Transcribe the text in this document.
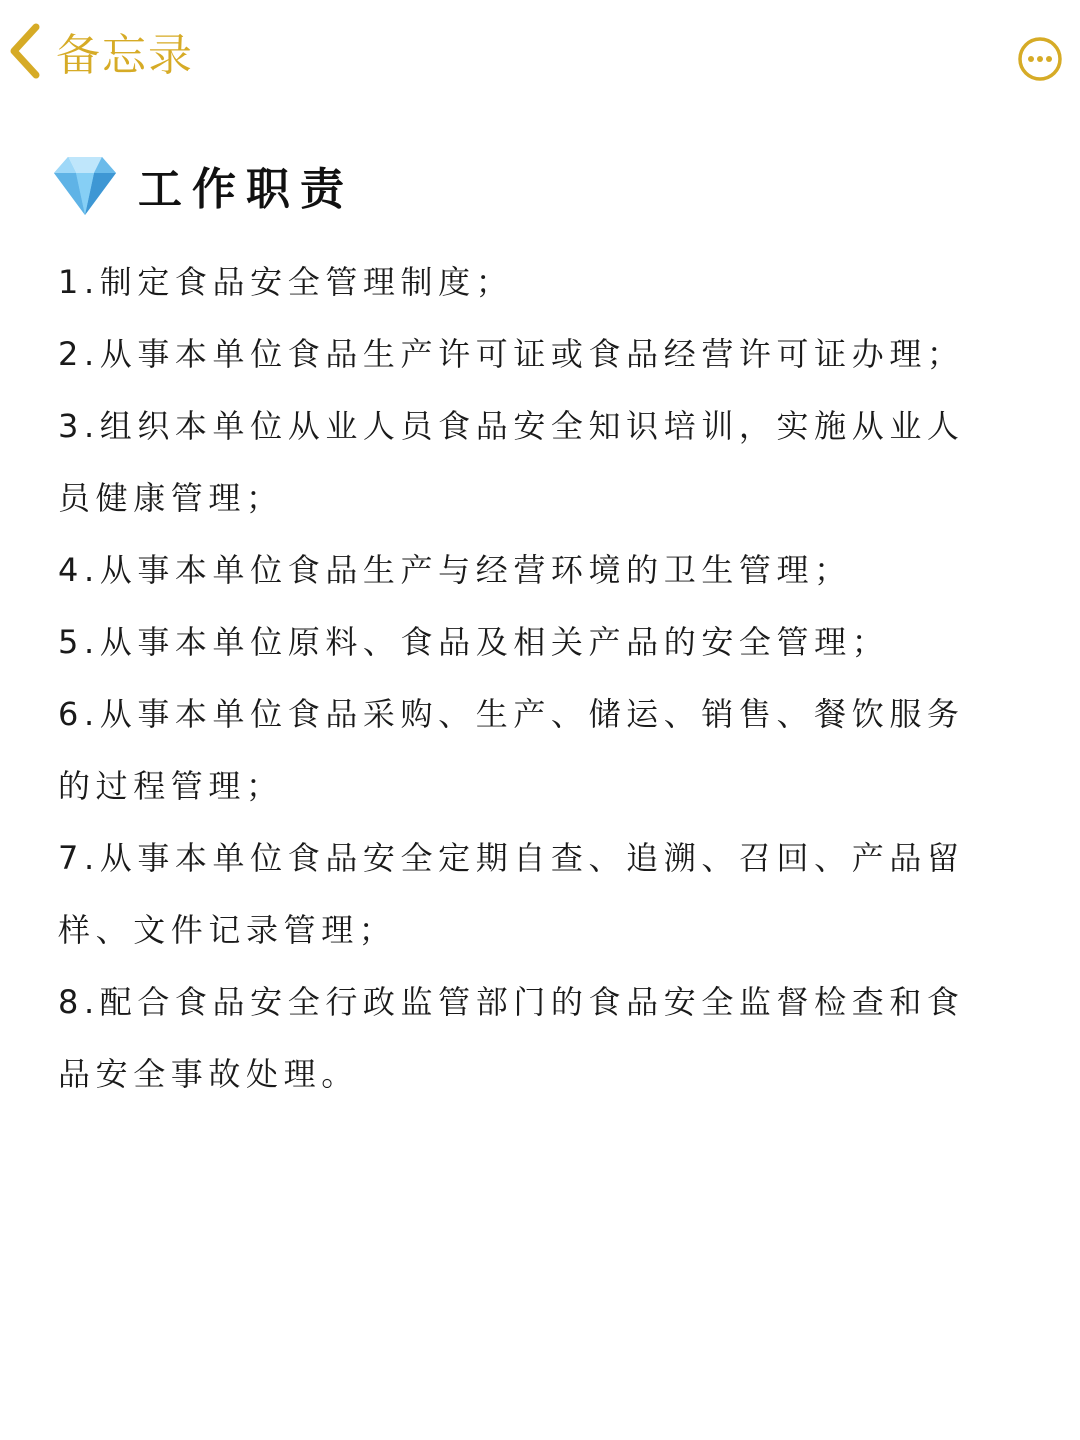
备忘录
工作职责
1.制定食品安全管理制度；
2.从事本单位食品生产许可证或食品经营许可证办理；
3.组织本单位从业人员食品安全知识培训，实施从业人
员健康管理；
4.从事本单位食品生产与经营环境的卫生管理；
5.从事本单位原料、食品及相关产品的安全管理；
6.从事本单位食品采购、生产、储运、销售、餐饮服务
的过程管理；
7.从事本单位食品安全定期自查、追溯、召回、产品留
样、文件记录管理；
8.配合食品安全行政监管部门的食品安全监督检查和食
品安全事故处理。
